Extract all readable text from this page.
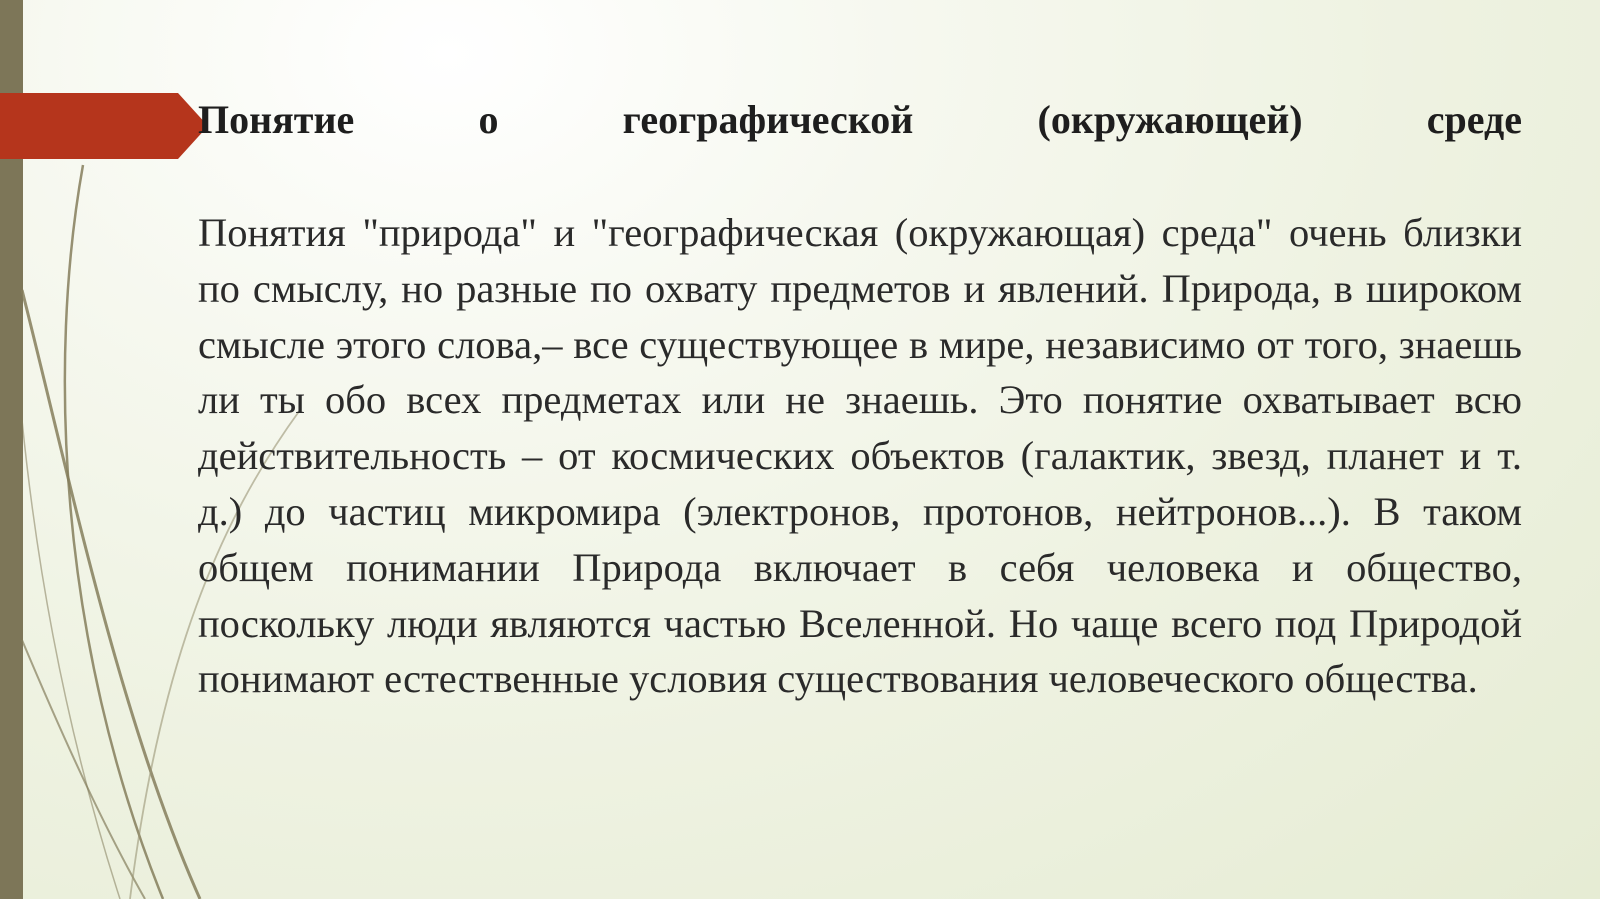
Понятие о географической (окружающей) среде
Понятия "природа" и "географическая (окружающая) среда" очень близки по смыслу, но разные по охвату предметов и явлений. Природа, в широком смысле этого слова,– все существующее в мире, независимо от того, знаешь ли ты обо всех предметах или не знаешь. Это понятие охватывает всю действительность – от космических объектов (галактик, звезд, планет и т. д.) до частиц микромира (электронов, протонов, нейтронов...). В таком общем понимании Природа включает в себя человека и общество, поскольку люди являются частью Вселенной. Но чаще всего под Природой понимают естественные условия существования человеческого общества.
